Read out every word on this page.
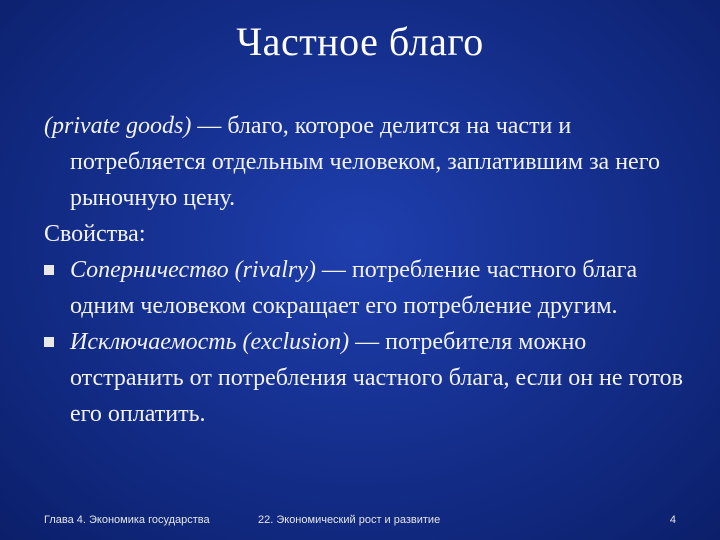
Частное благо

(private goods) — благо, которое делится на части и потребляется отдельным человеком, заплатившим за него рыночную цену.

Свойства:

Соперничество (rivalry) — потребление частного блага одним человеком сокращает его потребление другим.

Исключаемость (exclusion) — потребителя можно отстранить от потребления частного блага, если он не готов его оплатить.

Глава 4. Экономика государства	22. Экономический рост и развитие	4
